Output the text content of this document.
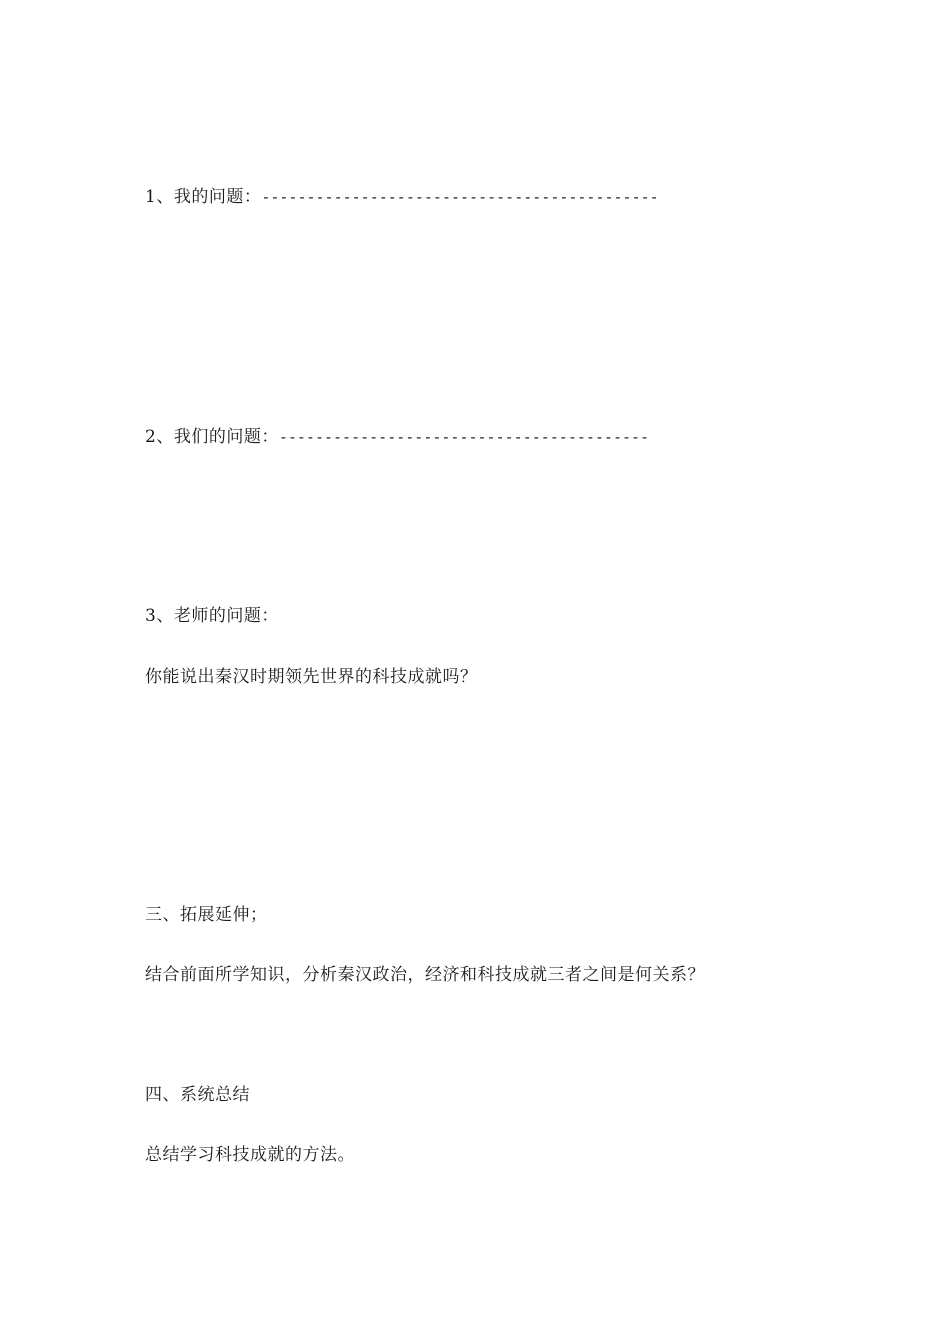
1、我的问题：--------------------------------------------
2、我们的问题：-----------------------------------------
3、老师的问题：
你能说出秦汉时期领先世界的科技成就吗？
三、拓展延伸；
结合前面所学知识，分析秦汉政治，经济和科技成就三者之间是何关系？
四、系统总结
总结学习科技成就的方法。
